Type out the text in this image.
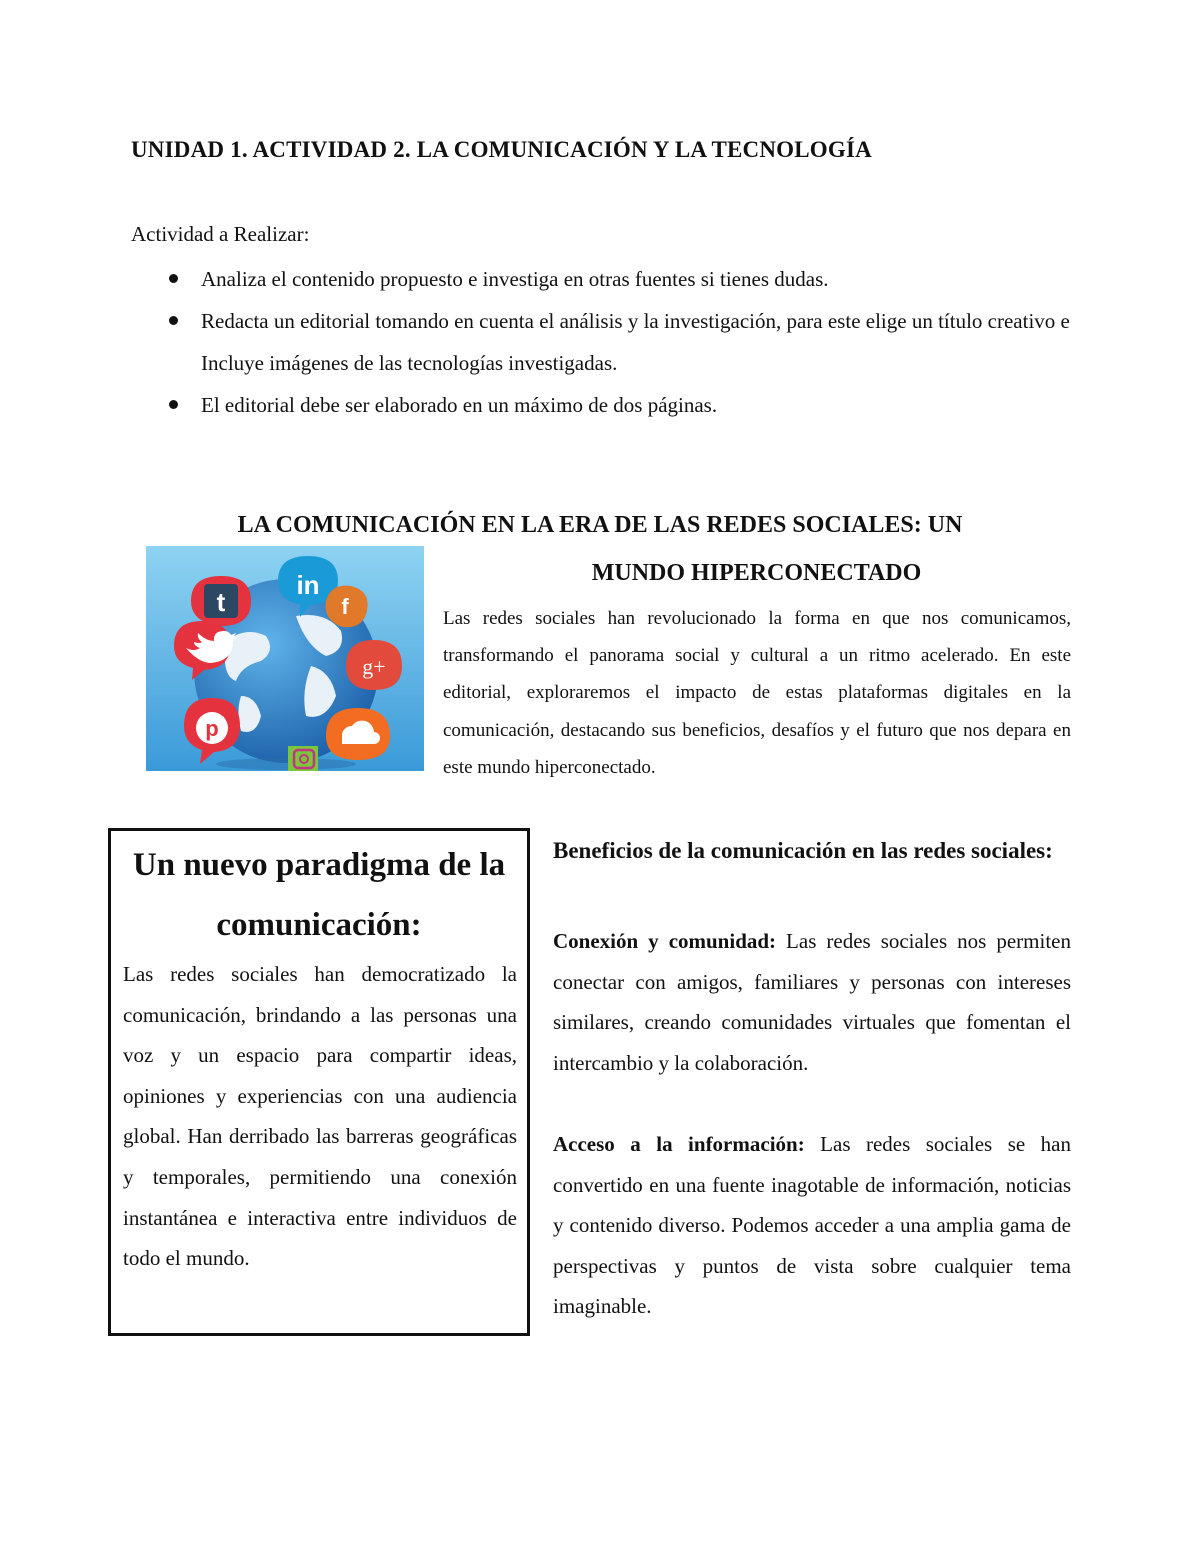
UNIDAD 1. ACTIVIDAD 2. LA COMUNICACIÓN Y LA TECNOLOGÍA
Actividad a Realizar:
Analiza el contenido propuesto e investiga en otras fuentes si tienes dudas.
Redacta un editorial tomando en cuenta el análisis y la investigación, para este elige un título creativo e Incluye imágenes de las tecnologías investigadas.
El editorial debe ser elaborado en un máximo de dos páginas.
LA COMUNICACIÓN EN LA ERA DE LAS REDES SOCIALES: UN
MUNDO HIPERCONECTADO
t
in
f
g+
p
Las redes sociales han revolucionado la forma en que nos comunicamos, transformando el panorama social y cultural a un ritmo acelerado. En este editorial, exploraremos el impacto de estas plataformas digitales en la comunicación, destacando sus beneficios, desafíos y el futuro que nos depara en este mundo hiperconectado.
Un nuevo paradigma de la comunicación:
Las redes sociales han democratizado la comunicación, brindando a las personas una voz y un espacio para compartir ideas, opiniones y experiencias con una audiencia global. Han derribado las barreras geográficas y temporales, permitiendo una conexión instantánea e interactiva entre individuos de todo el mundo.
Beneficios de la comunicación en las redes sociales:
Conexión y comunidad: Las redes sociales nos permiten conectar con amigos, familiares y personas con intereses similares, creando comunidades virtuales que fomentan el intercambio y la colaboración.
Acceso a la información: Las redes sociales se han convertido en una fuente inagotable de información, noticias y contenido diverso. Podemos acceder a una amplia gama de perspectivas y puntos de vista sobre cualquier tema imaginable.
